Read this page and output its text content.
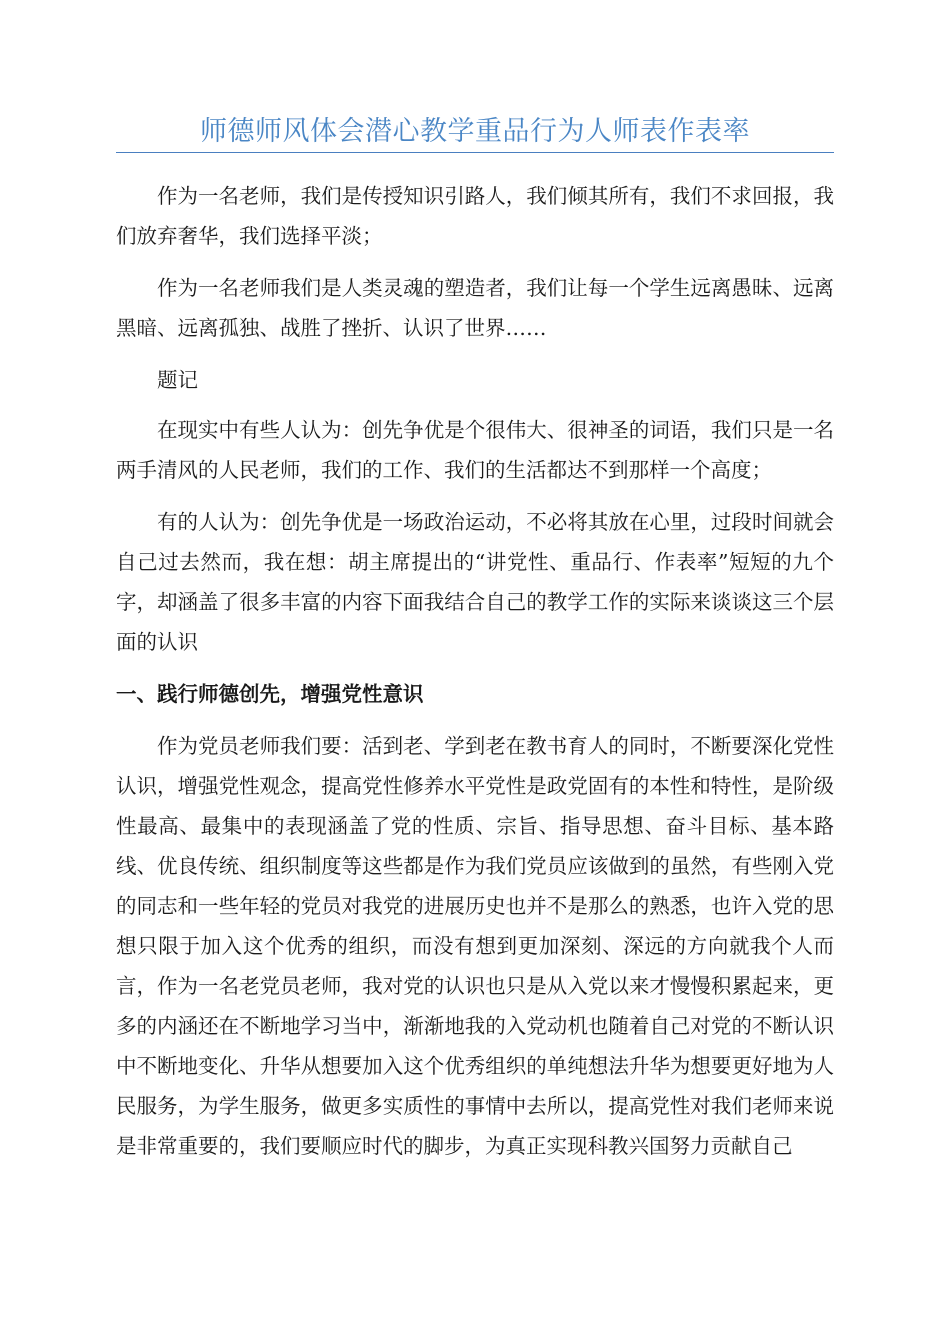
师德师风体会潜心教学重品行为人师表作表率

作为一名老师，我们是传授知识引路人，我们倾其所有，我们不求回报，我们放弃奢华，我们选择平淡；

作为一名老师我们是人类灵魂的塑造者，我们让每一个学生远离愚昧、远离黑暗、远离孤独、战胜了挫折、认识了世界……

题记

在现实中有些人认为：创先争优是个很伟大、很神圣的词语，我们只是一名两手清风的人民老师，我们的工作、我们的生活都达不到那样一个高度；

有的人认为：创先争优是一场政治运动，不必将其放在心里，过段时间就会自己过去然而，我在想：胡主席提出的“讲党性、重品行、作表率”短短的九个字，却涵盖了很多丰富的内容下面我结合自己的教学工作的实际来谈谈这三个层面的认识

一、践行师德创先，增强党性意识

作为党员老师我们要：活到老、学到老在教书育人的同时，不断要深化党性认识，增强党性观念，提高党性修养水平党性是政党固有的本性和特性，是阶级性最高、最集中的表现涵盖了党的性质、宗旨、指导思想、奋斗目标、基本路线、优良传统、组织制度等这些都是作为我们党员应该做到的虽然，有些刚入党的同志和一些年轻的党员对我党的进展历史也并不是那么的熟悉，也许入党的思想只限于加入这个优秀的组织，而没有想到更加深刻、深远的方向就我个人而言，作为一名老党员老师，我对党的认识也只是从入党以来才慢慢积累起来，更多的内涵还在不断地学习当中，渐渐地我的入党动机也随着自己对党的不断认识中不断地变化、升华从想要加入这个优秀组织的单纯想法升华为想要更好地为人民服务，为学生服务，做更多实质性的事情中去所以，提高党性对我们老师来说是非常重要的，我们要顺应时代的脚步，为真正实现科教兴国努力贡献自己
